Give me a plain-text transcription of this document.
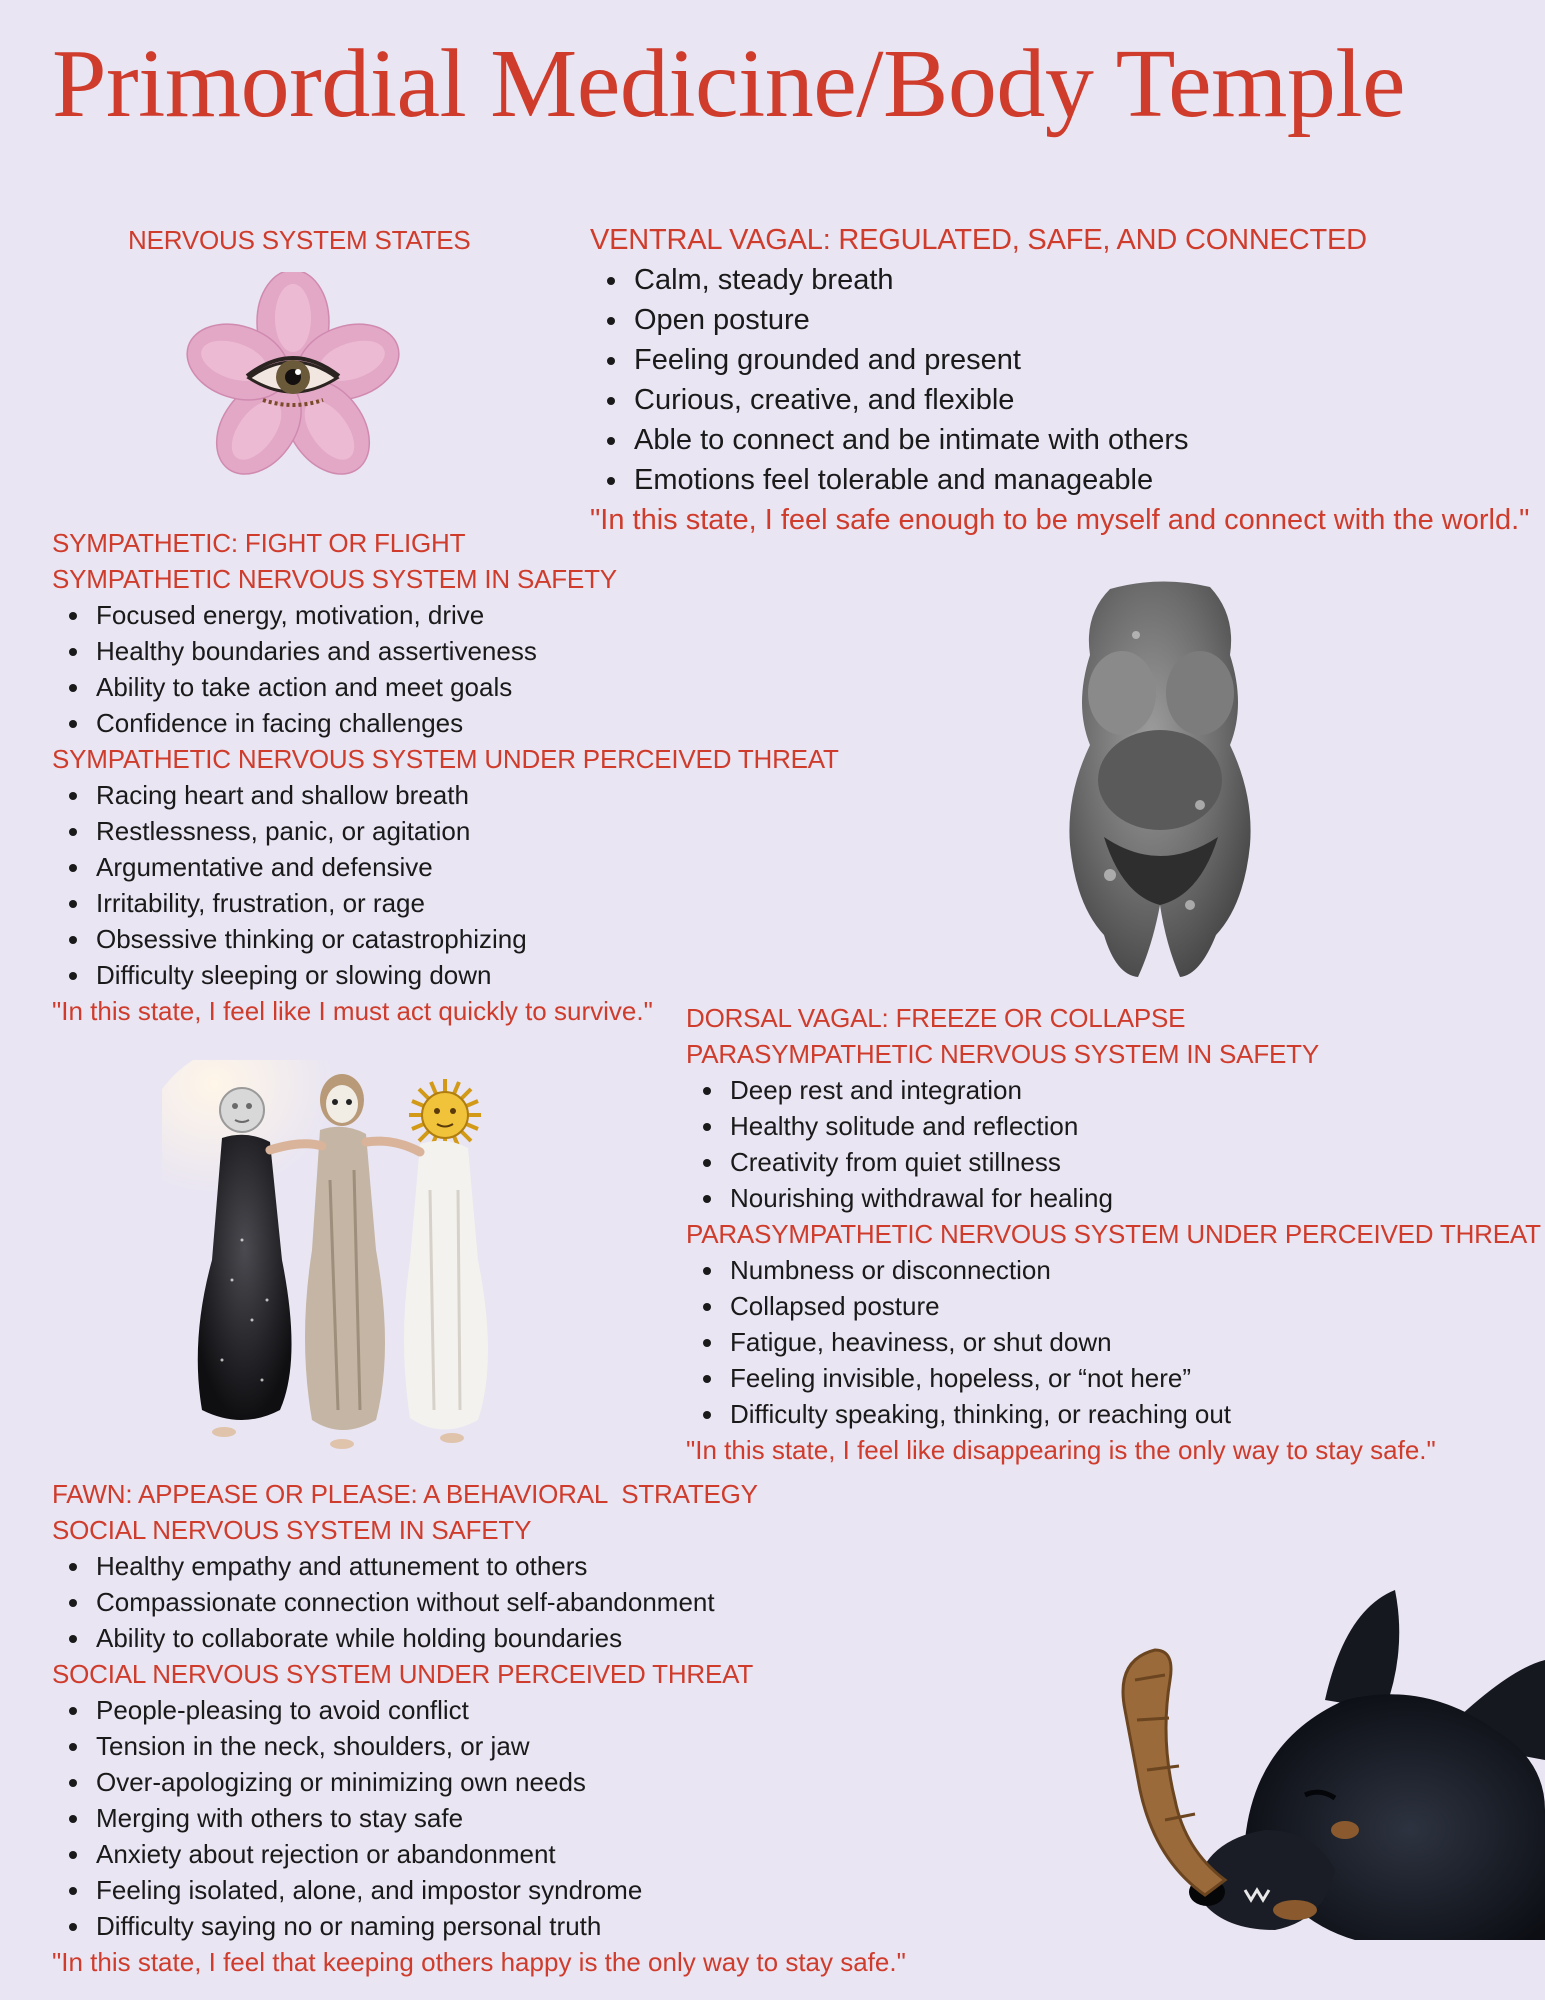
Primordial Medicine/Body Temple
NERVOUS SYSTEM STATES	VENTRAL VAGAL: REGULATED, SAFE, AND CONNECTED
Calm, steady breath
Open posture
Feeling grounded and present
Curious, creative, and flexible
Able to connect and be intimate with others
Emotions feel tolerable and manageable
"In this state, I feel safe enough to be myself and connect with the world."
SYMPATHETIC: FIGHT OR FLIGHT
SYMPATHETIC NERVOUS SYSTEM IN SAFETY
Focused energy, motivation, drive
Healthy boundaries and assertiveness
Ability to take action and meet goals
Confidence in facing challenges
SYMPATHETIC NERVOUS SYSTEM UNDER PERCEIVED THREAT
Racing heart and shallow breath
Restlessness, panic, or agitation
Argumentative and defensive
Irritability, frustration, or rage
Obsessive thinking or catastrophizing
Difficulty sleeping or slowing down
"In this state, I feel like I must act quickly to survive."	DORSAL VAGAL: FREEZE OR COLLAPSE
PARASYMPATHETIC NERVOUS SYSTEM IN SAFETY
Deep rest and integration
Healthy solitude and reflection
Creativity from quiet stillness
Nourishing withdrawal for healing
PARASYMPATHETIC NERVOUS SYSTEM UNDER PERCEIVED THREAT
Numbness or disconnection
Collapsed posture
Fatigue, heaviness, or shut down
Feeling invisible, hopeless, or “not here”
Difficulty speaking, thinking, or reaching out
"In this state, I feel like disappearing is the only way to stay safe."
FAWN: APPEASE OR PLEASE: A BEHAVIORAL  STRATEGY
SOCIAL NERVOUS SYSTEM IN SAFETY
Healthy empathy and attunement to others
Compassionate connection without self-abandonment
Ability to collaborate while holding boundaries
SOCIAL NERVOUS SYSTEM UNDER PERCEIVED THREAT
People-pleasing to avoid conflict
Tension in the neck, shoulders, or jaw
Over-apologizing or minimizing own needs
Merging with others to stay safe
Anxiety about rejection or abandonment
Feeling isolated, alone, and impostor syndrome
Difficulty saying no or naming personal truth
"In this state, I feel that keeping others happy is the only way to stay safe."
